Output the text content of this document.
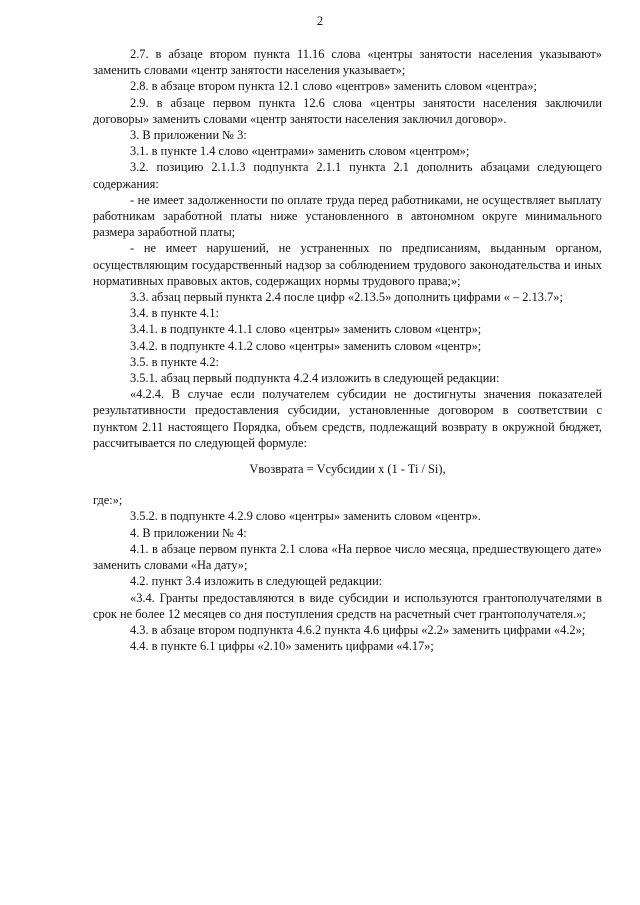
2

2.7. в абзаце втором пункта 11.16 слова «центры занятости населения указывают» заменить словами «центр занятости населения указывает»;

2.8. в абзаце втором пункта 12.1 слово «центров» заменить словом «центра»;

2.9. в абзаце первом пункта 12.6 слова «центры занятости населения заключили договоры» заменить словами «центр занятости населения заключил договор».

3. В приложении № 3:

3.1. в пункте 1.4 слово «центрами» заменить словом «центром»;

3.2. позицию 2.1.1.3 подпункта 2.1.1 пункта 2.1 дополнить абзацами следующего содержания:

- не имеет задолженности по оплате труда перед работниками, не осуществляет выплату работникам заработной платы ниже установленного в автономном округе минимального размера заработной платы;

- не имеет нарушений, не устраненных по предписаниям, выданным органом, осуществляющим государственный надзор за соблюдением трудового законодательства и иных нормативных правовых актов, содержащих нормы трудового права;»;

3.3. абзац первый пункта 2.4 после цифр «2.13.5» дополнить цифрами « – 2.13.7»;

3.4. в пункте 4.1:

3.4.1. в подпункте 4.1.1 слово «центры» заменить словом «центр»;

3.4.2. в подпункте 4.1.2 слово «центры» заменить словом «центр»;

3.5. в пункте 4.2:

3.5.1. абзац первый подпункта 4.2.4 изложить в следующей редакции:

«4.2.4. В случае если получателем субсидии не достигнуты значения показателей результативности предоставления субсидии, установленные договором в соответствии с пунктом 2.11 настоящего Порядка, объем средств, подлежащий возврату в окружной бюджет, рассчитывается по следующей формуле:

Vвозврата = Vсубсидии x (1 - Ti / Si),

где:»;

3.5.2. в подпункте 4.2.9 слово «центры» заменить словом «центр».

4. В приложении № 4:

4.1. в абзаце первом пункта 2.1 слова «На первое число месяца, предшествующего дате» заменить словами «На дату»;

4.2. пункт 3.4 изложить в следующей редакции:

«3.4. Гранты предоставляются в виде субсидии и используются грантополучателями в срок не более 12 месяцев со дня поступления средств на расчетный счет грантополучателя.»;

4.3. в абзаце втором подпункта 4.6.2 пункта 4.6 цифры «2.2» заменить цифрами «4.2»;

4.4. в пункте 6.1 цифры «2.10» заменить цифрами «4.17»;
